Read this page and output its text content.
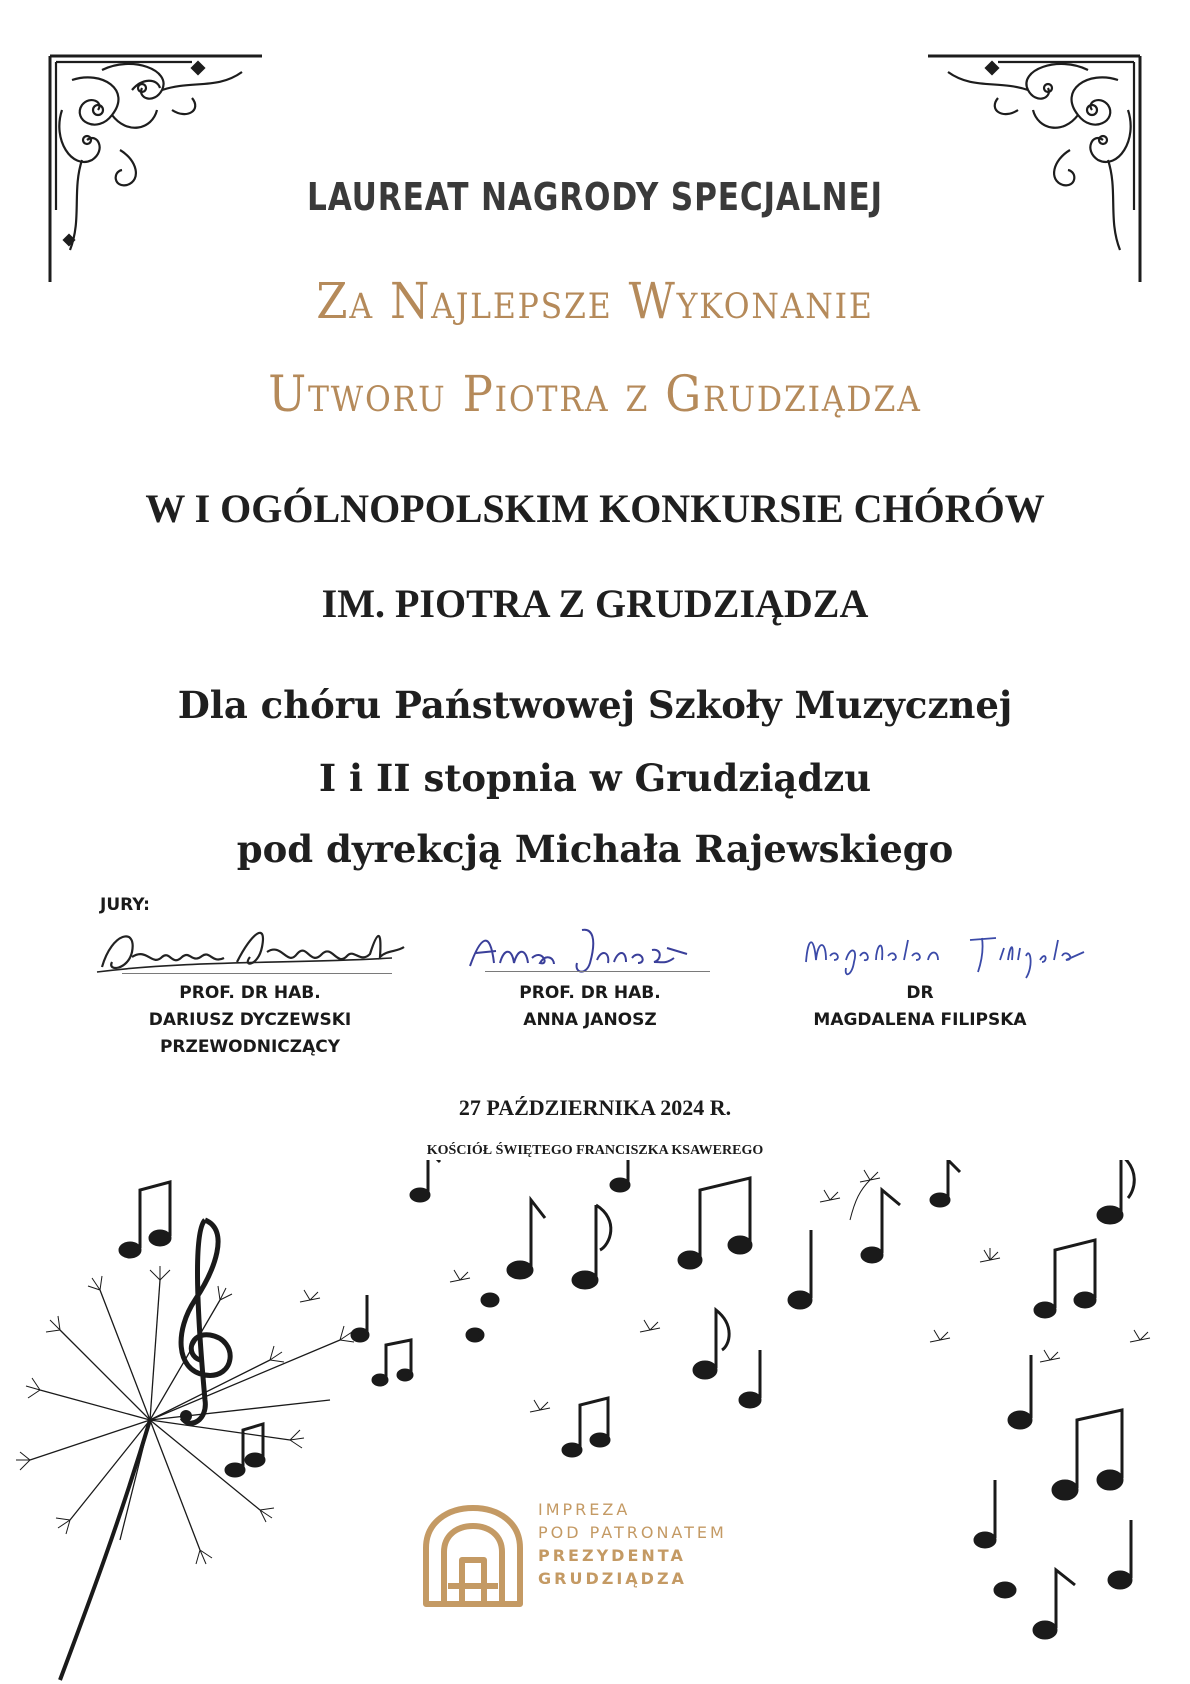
LAUREAT NAGRODY SPECJALNEJ
Za Najlepsze Wykonanie
Utworu Piotra z Grudziądza
W I OGÓLNOPOLSKIM KONKURSIE CHÓRÓW
IM. PIOTRA Z GRUDZIĄDZA
Dla chóru Państwowej Szkoły Muzycznej
I i II stopnia w Grudziądzu
pod dyrekcją Michała Rajewskiego
JURY:
PROF. DR HAB.
DARIUSZ DYCZEWSKI
PRZEWODNICZĄCY
PROF. DR HAB.
ANNA JANOSZ
DR
MAGDALENA FILIPSKA
27 PAŹDZIERNIKA 2024 R.
KOŚCIÓŁ ŚWIĘTEGO FRANCISZKA KSAWEREGO
IMPREZA
POD PATRONATEM
PREZYDENTA
GRUDZIĄDZA
